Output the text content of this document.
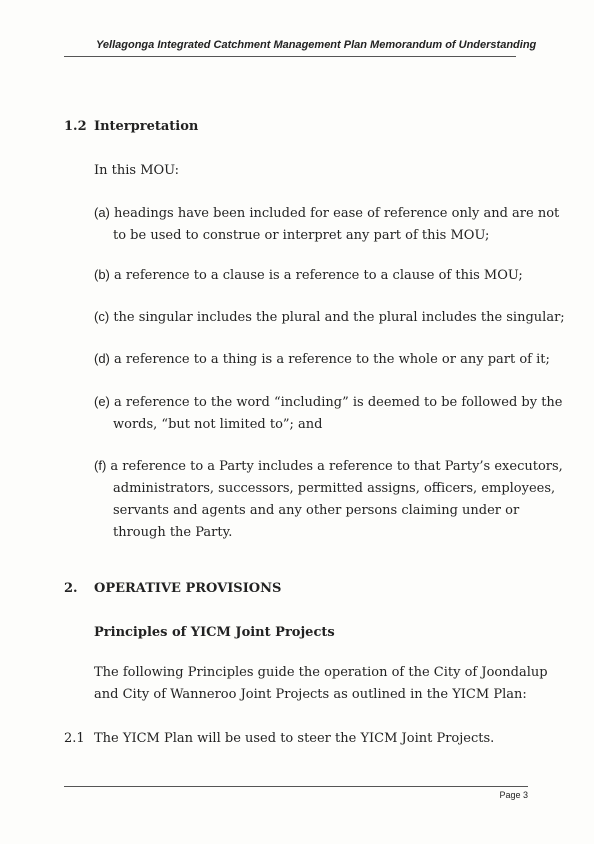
Yellagonga Integrated Catchment Management Plan Memorandum of Understanding
1.2 Interpretation
In this MOU:
(a) headings have been included for ease of reference only and are not
to be used to construe or interpret any part of this MOU;
(b) a reference to a clause is a reference to a clause of this MOU;
(c) the singular includes the plural and the plural includes the singular;
(d) a reference to a thing is a reference to the whole or any part of it;
(e) a reference to the word “including” is deemed to be followed by the
words, “but not limited to”; and
(f) a reference to a Party includes a reference to that Party’s executors,
administrators, successors, permitted assigns, officers, employees,
servants and agents and any other persons claiming under or
through the Party.
2. OPERATIVE PROVISIONS
Principles of YICM Joint Projects
The following Principles guide the operation of the City of Joondalup
and City of Wanneroo Joint Projects as outlined in the YICM Plan:
2.1 The YICM Plan will be used to steer the YICM Joint Projects.
Page 3
